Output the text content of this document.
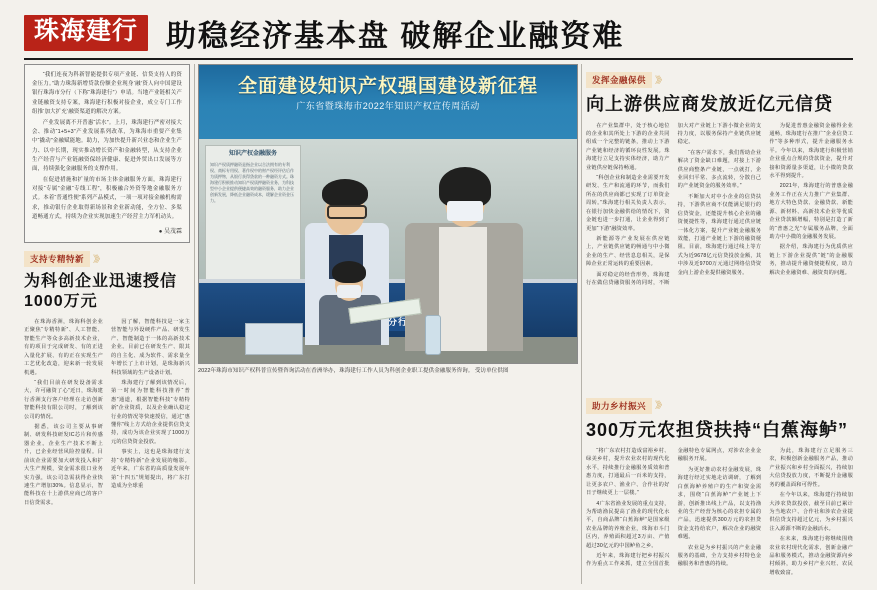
珠海建行 助稳经济基本盘 破解企业融资难

“我们连夜为科新智能提供专项产业链、信贷支持人的资金压力。”助力珠海新增贷款份额企业现身‘融’资人向中国建设银行珠海市分行（下称“珠海建行”）申请。当地产业链相关产业链融资支持专案，珠海建行积极对接企业，成立专门工作组推‘加大扩充’融资渠道的解决方案。

产业发展离不开普惠“活水”。上月，珠海建行严密对接大会、推动“1+5+3”产业发展系列改革，为珠海市重要产业集中“撬动”金融赋能地。助力，为加快提升新兴业态和企业生产力、以中长期，现实推动增长资产和金融转型，从支持企业生产经营与产业链融资保经济健康、促进外贸出口发展等方面，持续强化金融服务的支撑作用。

在促进措施和扩量的市场主体金融服务方面，珠海建行对接“专属”金融“专线工程”，积极融合外资等地金融服务方式。本着“普通性便”系列产品模式，一项一项对接金融机构需求，推动银行企业取得新场景和企业新动能，全方位、多渠道畅通方式，持续为企业实现加速生产经营主力军机动头。

● 吴茂霖
支持专精特新	》》
为科创企业迅速授信1000万元

在珠海香洲，珠海科创企业正聚焦“专精特新”、人工智能、智能生产等众多高新技术企业，有的项目于完成研发、有的正进入量化扩展、有的正在实现生产工艺优化改造，迎来新一轮发展机遇。

“我们目前在研发设备需求大，许可融资了心”近日，珠海建行香洲支行客户经理在走访创新智能科技有限公司时，了解到该公司的情况。

据悉，该公司主要从事研制、研发科技研发IC芯片和传感器企业。企业生产技术不断上升，已企业经营风险控量程。目前该企业需要加大研发投入和扩大生产规模，资金需求很口业务实力强，该公司急需获得企业快速生产增加30%。信息显示，智能科技在十上游供应商已的客户日信贷需求。

因了解，智能科技是一家主营智能与外设硬件产品、研发生产、智能制造于一体的高新技术企业。目前已在研发生产、限其的自主化、成为软件、需求量全年增长了上市计划，是珠海新兴科技领域的生产设备计划。

珠海建行了解到该情况后，第一时间为智能科技推荐“普惠”通道，根据智能科技“专精特新”企业资质，以及企业确认稳定行业的情况等快速授信，通过“惠懂你”线上方式给企业提供信贷支持，成功为该企业实现了1000万元的信贷资金投放。

事实上，这也是珠海建行支持“专精特新”企业发展的缩影。近年来，广东省的高质量发展年第“十四五”规划提出，将广东打造成为全球重

全面建设知识产权强国建设新征程
广东省暨珠海市2022年知识产权宣传周活动
知识产权金融服务
知识产权质押融资是指企业以合法拥有的专利权、商标专用权、著作权中的财产权经评估后作为质押物，从银行获得贷款的一种融资方式。珠海建行积极推动知识产权质押融资业务，为科技型中小企业提供便捷高效的融资服务，助力企业创新发展，降低企业融资成本，缓解企业资金压力。
2022年珠海市知识产权科普宣传暨咨询活动在香洲举办，珠海建行工作人员为科创企业职工提供金融服务咨询。 受访单位供图
发挥金融保供	》》
向上游供应商发放近亿元信贷

在产业集群中，处于核心地位的企业和其所处上下游的企业共同组成一个完整的链条，推动上下游产业链和经济的循环良性发展。珠海建行立足支持实体经济，助力产业链供应链保持畅通。

“科创企业和制造企业需要开发研发、生产和流通的环节，而我们所在的供应商都已实现了订单资金周转。”珠海建行相关负责人表示，在银行加快金融供给的情况下，资金链也进一步打通，让企业得到了更加“下游”融资效率。

新能源等产业发展在供应链上，产业链供应链的畅通与中小微企业的生产、经营息息相关，是保障企业正常运转的重要因素。

面对稳定的经营形势，珠海建行在做信贷融资服务的同时，不断加大对产业链上下游小微企业的支持力度，以服务保持产业链供应链稳定。

“在客户需求下，我们帮助企业解决了资金缺口难题，对接上下游供应商整条产业链，一点就打，企业回归平常、多点流转，分散自己的产业链资金的服务效率。”

不断加大对中小企业的信贷扶持，下游供应商不仅能满足银行的信贷资金，还能提升核心企业的融资便捷性等，珠海建行通过供应链一体化方案，提升产业链金融服务效能，打通产业链上下游的融资梗阻。目前，珠海建行通过线上等方式为近9678亿元信贷投放金额，其中涉及近9700万元通过网络信贷资金向上游企业提供融资服务。

为促进普惠金融资金融得企业通畅，珠海建行在推广“企业信贷工作”等多种形式，提升金融服务水平。今年以来，珠海建行积极营销企业重点合规的贷款资金，提升对接和资源量多渠道，让小微的贷款水平得到提升。

2021年，珠海建行的普惠金融业务工作正在大力推广产业集群、地方大特色贷款、金融贷款、新能源、新材料、高新技术企业等优质企业贷款额增幅，特别是打造了新的“普惠之光”专属服务品牌，全面助力中小微的金融服务发展。

据介绍，珠海建行为优质供应链上下游企业提供“链”的金融服务，推动提升融资便捷程度，助力解决企业融资难、融资贵的问题。

助力乡村振兴	》》
300万元农担贷扶持“白蕉海鲈”

“将广东农村打造成富裕乡村、绿美乡村，提升农业农村的现代化水平，持续推行金融服务质效和普惠力度，打通最后一百米的支持，让更多农户、渔业户、合作社的好日子继续更上一层楼。”

4广东省渔业发展的重点支持，为帮助渔民提高了渔业的现代化水平，自商品牌“白蕉海鲈”是国家级农业品牌的养殖企业，珠海市斗门区内，养殖面积超过3万亩、产值超过30亿元的中国鲈鱼之乡。

近年来，珠海建行把乡村振兴作为重点工作来抓，建立全国首批金融特色专属网点，对涉农企业金融服务开展。

为更好推动农村金融发展，珠海建行经过实地走访调研，了解到白蕉海鲈养殖户的生产和资金需求，围绕“白蕉海鲈”产业链上下游，创新推出线上产品，以支持渔业的生产经营为核心的农担专属的产品，迅速提供300万元的农担贷资金支持给农户，解决企业的融资难题。

农业是为乡村振兴的产业金融服务的基础，全力支持乡村特色金融服务和普惠的持续。

为此，珠海建行立足服务三农，积极创新金融服务产品，推动产业振兴和乡村全面振兴，持续加大信贷投放力度，不断提升金融服务的覆盖面和可得性。

在今年以来，珠海建行持续加大涉农贷款投放，截至目前已累计为当地农户、合作社和涉农企业提供信贷支持超过亿元，为乡村振兴注入源源不断的金融活水。

在未来，珠海建行将继续围绕农业农村现代化需求，创新金融产品和服务模式，推动金融资源向乡村倾斜，助力乡村产业兴旺、农民增收致富。
